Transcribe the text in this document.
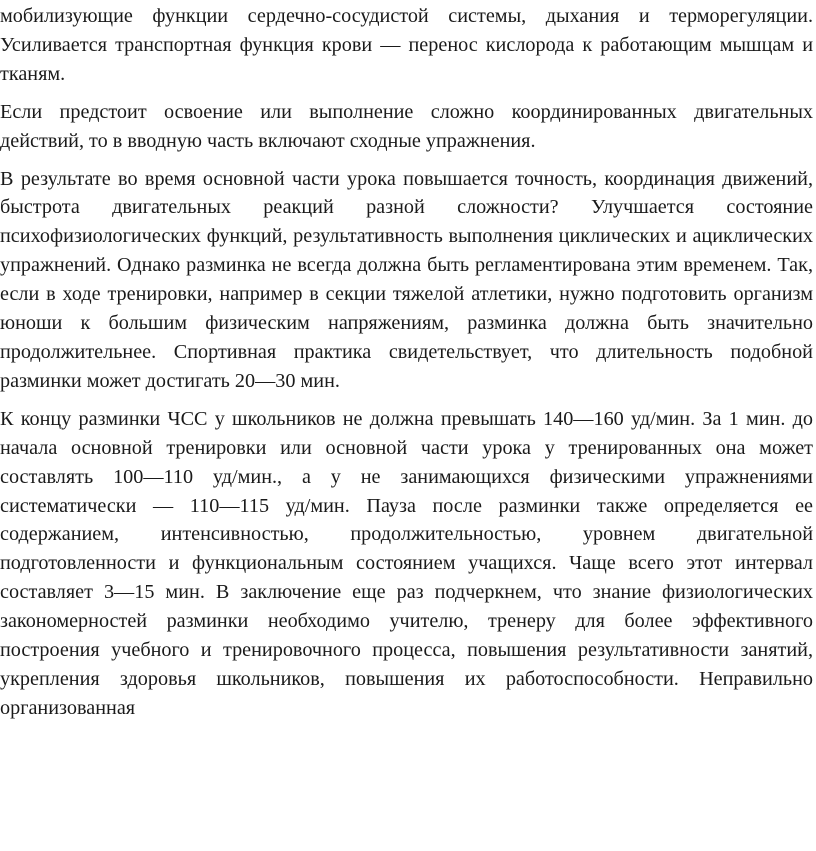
мобилизующие функции сердечно-сосудистой системы, дыхания и терморегуляции. Усиливается транспортная функция крови — перенос кислорода к работающим мышцам и тканям.

Если предстоит освоение или выполнение сложно координированных двигательных действий, то в вводную часть включают сходные упражнения.

В результате во время основной части урока повышается точность, координация движений, быстрота двигательных реакций разной сложности? Улучшается состояние психофизиологических функций, результативность выполнения циклических и ациклических упражнений. Однако разминка не всегда должна быть регламентирована этим временем. Так, если в ходе тренировки, например в секции тяжелой атлетики, нужно подготовить организм юноши к большим физическим напряжениям, разминка должна быть значительно продолжительнее. Спортивная практика свидетельствует, что длительность подобной разминки может достигать 20—30 мин.

К концу разминки ЧСС у школьников не должна превышать 140—160 уд/мин. За 1 мин. до начала основной тренировки или основной части урока у тренированных она может составлять 100—110 уд/мин., а у не занимающихся физическими упражнениями систематически — 110—115 уд/мин. Пауза после разминки также определяется ее содержанием, интенсивностью, продолжительностью, уровнем двигательной подготовленности и функциональным состоянием учащихся. Чаще всего этот интервал составляет 3—15 мин. В заключение еще раз подчеркнем, что знание физиологических закономерностей разминки необходимо учителю, тренеру для более эффективного построения учебного и тренировочного процесса, повышения результативности занятий, укрепления здоровья школьников, повышения их работоспособности. Неправильно организованная
